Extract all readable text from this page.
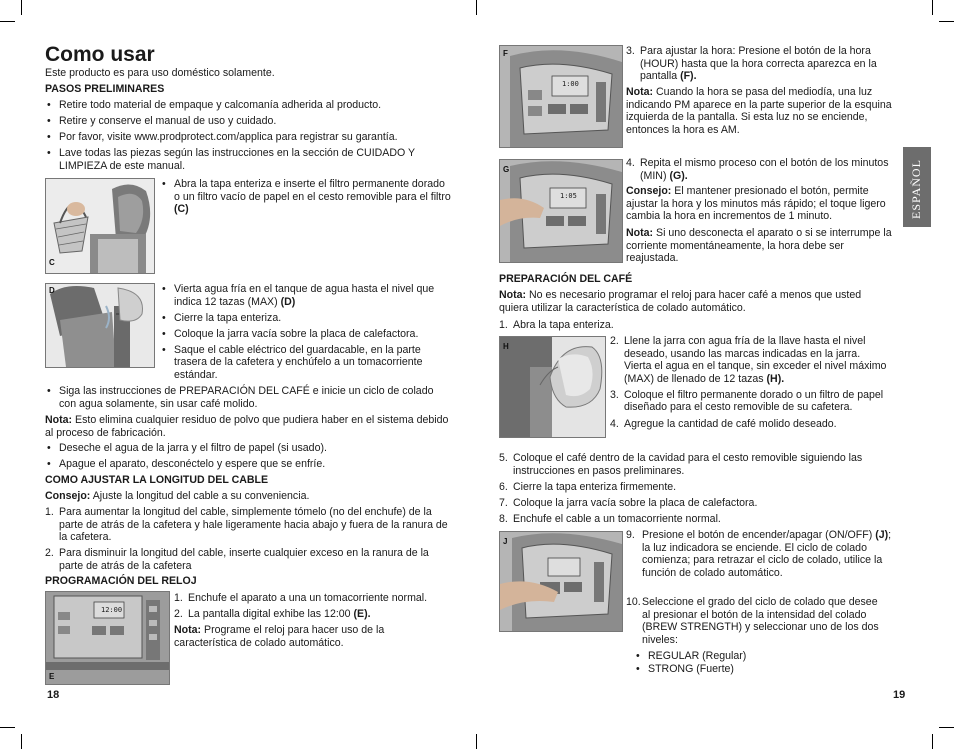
Como usar
Este producto es para uso doméstico solamente.
PASOS PRELIMINARES
• Retire todo material de empaque y calcomanía adherida al producto.
• Retire y conserve el manual de uso y cuidado.
• Por favor, visite www.prodprotect.com/applica para registrar su garantía.
• Lave todas las piezas según las instrucciones en la sección de CUIDADO Y LIMPIEZA de este manual.
C
• Abra la tapa enteriza e inserte el filtro permanente dorado o un filtro vacío de papel en el cesto removible para el filtro (C)
D
•	Vierta agua fría en el tanque de agua hasta el nivel que indica 12 tazas (MAX) (D)
• Cierre la tapa enteriza.
• Coloque la jarra vacía sobre la placa de calefactora.
• Saque el cable eléctrico del guardacable, en la parte trasera de la cafetera y enchúfelo a un tomacorriente estándar.
• Siga las instrucciones de PREPARACIÓN DEL CAFÉ e inicie un ciclo de colado con agua solamente, sin usar café molido.
Nota: Esto elimina cualquier residuo de polvo que pudiera haber en el sistema debido al proceso de fabricación.
• Deseche el agua de la jarra y el filtro de papel (si usado).
• Apague el aparato, desconéctelo y espere que se enfríe.
COMO AJUSTAR LA LONGITUD DEL CABLE
Consejo: Ajuste la longitud del cable a su conveniencia.
1. Para aumentar la longitud del cable, simplemente tómelo (no del enchufe) de la parte de atrás de la cafetera y hale ligeramente hacia abajo y fuera de la ranura de la cafetera.
2. Para disminuir la longitud del cable, inserte cualquier exceso en la ranura de la parte de atrás de la cafetera
PROGRAMACIÓN DEL RELOJ
12:00
E
1. Enchufe el aparato a una un tomacorriente normal.
2. La pantalla digital exhibe las 12:00 (E).
Nota: Programe el reloj para hacer uso de la característica de colado automático.
18
1:00
F	3. Para ajustar la hora: Presione el botón de la hora (HOUR) hasta que la hora correcta aparezca en la pantalla (F).
Nota: Cuando la hora se pasa del mediodía, una luz indicando PM aparece en la parte superior de la esquina izquierda de la pantalla. Si esta luz no se enciende, entonces la hora es AM.
1:05
G
4. Repita el mismo proceso con el botón de los minutos (MIN) (G).
Consejo: El mantener presionado el botón, permite ajustar la hora y los minutos más rápido; el toque ligero cambia la hora en incrementos de 1 minuto.
Nota: Si uno desconecta el aparato o si se interrumpe la corriente momentáneamente, la hora debe ser reajustada.
ESPAÑOL
PREPARACIÓN DEL CAFÉ
Nota: No es necesario programar el reloj para hacer café a menos que usted quiera utilizar la característica de colado automático.
1. Abra la tapa enteriza.
H	2. Llene la jarra con agua fría de la llave hasta el nivel deseado, usando las marcas indicadas en la jarra. Vierta el agua en el tanque, sin exceder el nivel máximo (MAX) de llenado de 12 tazas (H).
3. Coloque el filtro permanente dorado o un filtro de papel diseñado para el cesto removible de su cafetera.
4. Agregue la cantidad de café molido deseado.
5. Coloque el café dentro de la cavidad para el cesto removible siguiendo las instrucciones en pasos preliminares.
6. Cierre la tapa enteriza firmemente.
7. Coloque la jarra vacía sobre la placa de calefactora.
8. Enchufe el cable a un tomacorriente normal.
J
9. Presione el botón de encender/apagar (ON/OFF) (J); la luz indicadora se enciende. El ciclo de colado comienza; para retrazar el ciclo de colado, utilice la función de colado automático.
10. Seleccione el grado del ciclo de colado que desee al presionar el botón de la intensidad del colado (BREW STRENGTH) y seleccionar uno de los dos niveles:
• REGULAR (Regular)
• STRONG (Fuerte)
19
